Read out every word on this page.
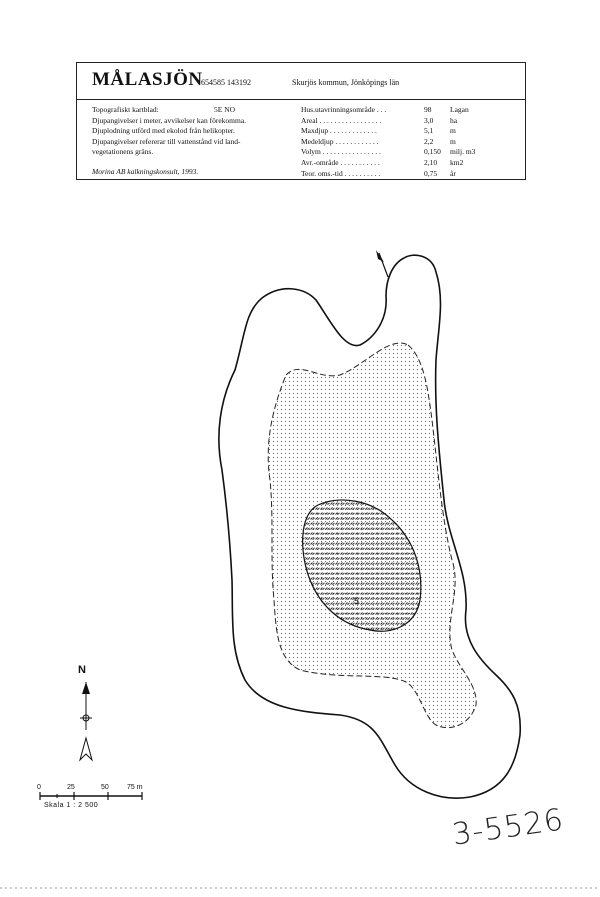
MÅLASJÖN
654585 143192	Skurjös kommun, Jönköpings län
Topografiskt kartblad:	5E NO
Djupangivelser i meter, avvikelser kan förekomma.
Djuplodning utförd med ekolod från helikopter.
Djupangivelser refererar till vattenstånd vid land-
vegetationens gräns.
Morina AB kalkningskonsult, 1993.
Hus.utavrinningsområde . . .	98 Lagan
Areal . . . . . . . . . . . . . . . . .	3,0 ha
Maxdjup . . . . . . . . . . . . .	5,1 m
Medeldjup . . . . . . . . . . . .	2,2 m
Volym . . . . . . . . . . . . . . . .	0,150 milj. m3
Avr.-område . . . . . . . . . . .	2,10 km2
Teor. oms.-tid . . . . . . . . . .	0,75 år
5
N
0	25	50	75 m
Skala 1 : 2 500	3-5526
